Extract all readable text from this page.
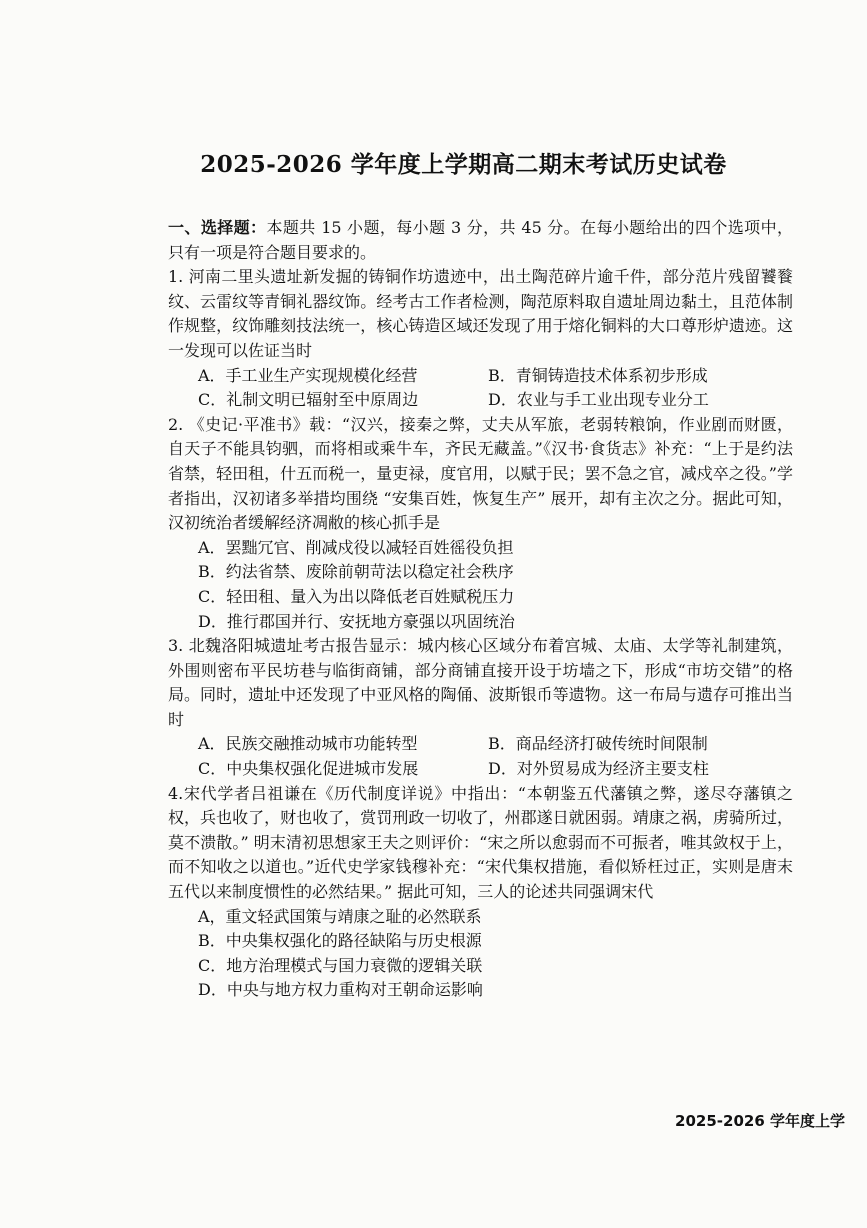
2025-2026 学年度上学期高二期末考试历史试卷

一、选择题：本题共 15 小题，每小题 3 分，共 45 分。在每小题给出的四个选项中，只有一项是符合题目要求的。

1. 河南二里头遗址新发掘的铸铜作坊遗迹中，出土陶范碎片逾千件，部分范片残留饕餮纹、云雷纹等青铜礼器纹饰。经考古工作者检测，陶范原料取自遗址周边黏土，且范体制作规整，纹饰雕刻技法统一，核心铸造区域还发现了用于熔化铜料的大口尊形炉遗迹。这一发现可以佐证当时

A．手工业生产实现规模化经营	B．青铜铸造技术体系初步形成
C．礼制文明已辐射至中原周边	D．农业与手工业出现专业分工

2. 《史记·平准书》载：“汉兴，接秦之弊，丈夫从军旅，老弱转粮饷，作业剧而财匮，自天子不能具钧驷，而将相或乘牛车，齐民无藏盖。”《汉书·食货志》补充：“上于是约法省禁，轻田租，什五而税一，量吏禄，度官用，以赋于民；罢不急之官，减戍卒之役。”学者指出，汉初诸多举措均围绕 “安集百姓，恢复生产” 展开，却有主次之分。据此可知，汉初统治者缓解经济凋敝的核心抓手是

A．罢黜冗官、削减戍役以减轻百姓徭役负担
B．约法省禁、废除前朝苛法以稳定社会秩序
C．轻田租、量入为出以降低老百姓赋税压力
D．推行郡国并行、安抚地方豪强以巩固统治

3. 北魏洛阳城遗址考古报告显示：城内核心区域分布着宫城、太庙、太学等礼制建筑，外围则密布平民坊巷与临街商铺，部分商铺直接开设于坊墙之下，形成“市坊交错”的格局。同时，遗址中还发现了中亚风格的陶俑、波斯银币等遗物。这一布局与遗存可推出当时

A．民族交融推动城市功能转型	B．商品经济打破传统时间限制
C．中央集权强化促进城市发展	D．对外贸易成为经济主要支柱

4.宋代学者吕祖谦在《历代制度详说》中指出：“本朝鉴五代藩镇之弊，遂尽夺藩镇之权，兵也收了，财也收了，赏罚刑政一切收了，州郡遂日就困弱。靖康之祸，虏骑所过，莫不溃散。” 明末清初思想家王夫之则评价：“宋之所以愈弱而不可振者，唯其敛权于上，而不知收之以道也。”近代史学家钱穆补充：“宋代集权措施，看似矫枉过正，实则是唐末五代以来制度惯性的必然结果。” 据此可知，三人的论述共同强调宋代

A，重文轻武国策与靖康之耻的必然联系
B．中央集权强化的路径缺陷与历史根源
C．地方治理模式与国力衰微的逻辑关联
D．中央与地方权力重构对王朝命运影响
2025-2026 学年度上学
